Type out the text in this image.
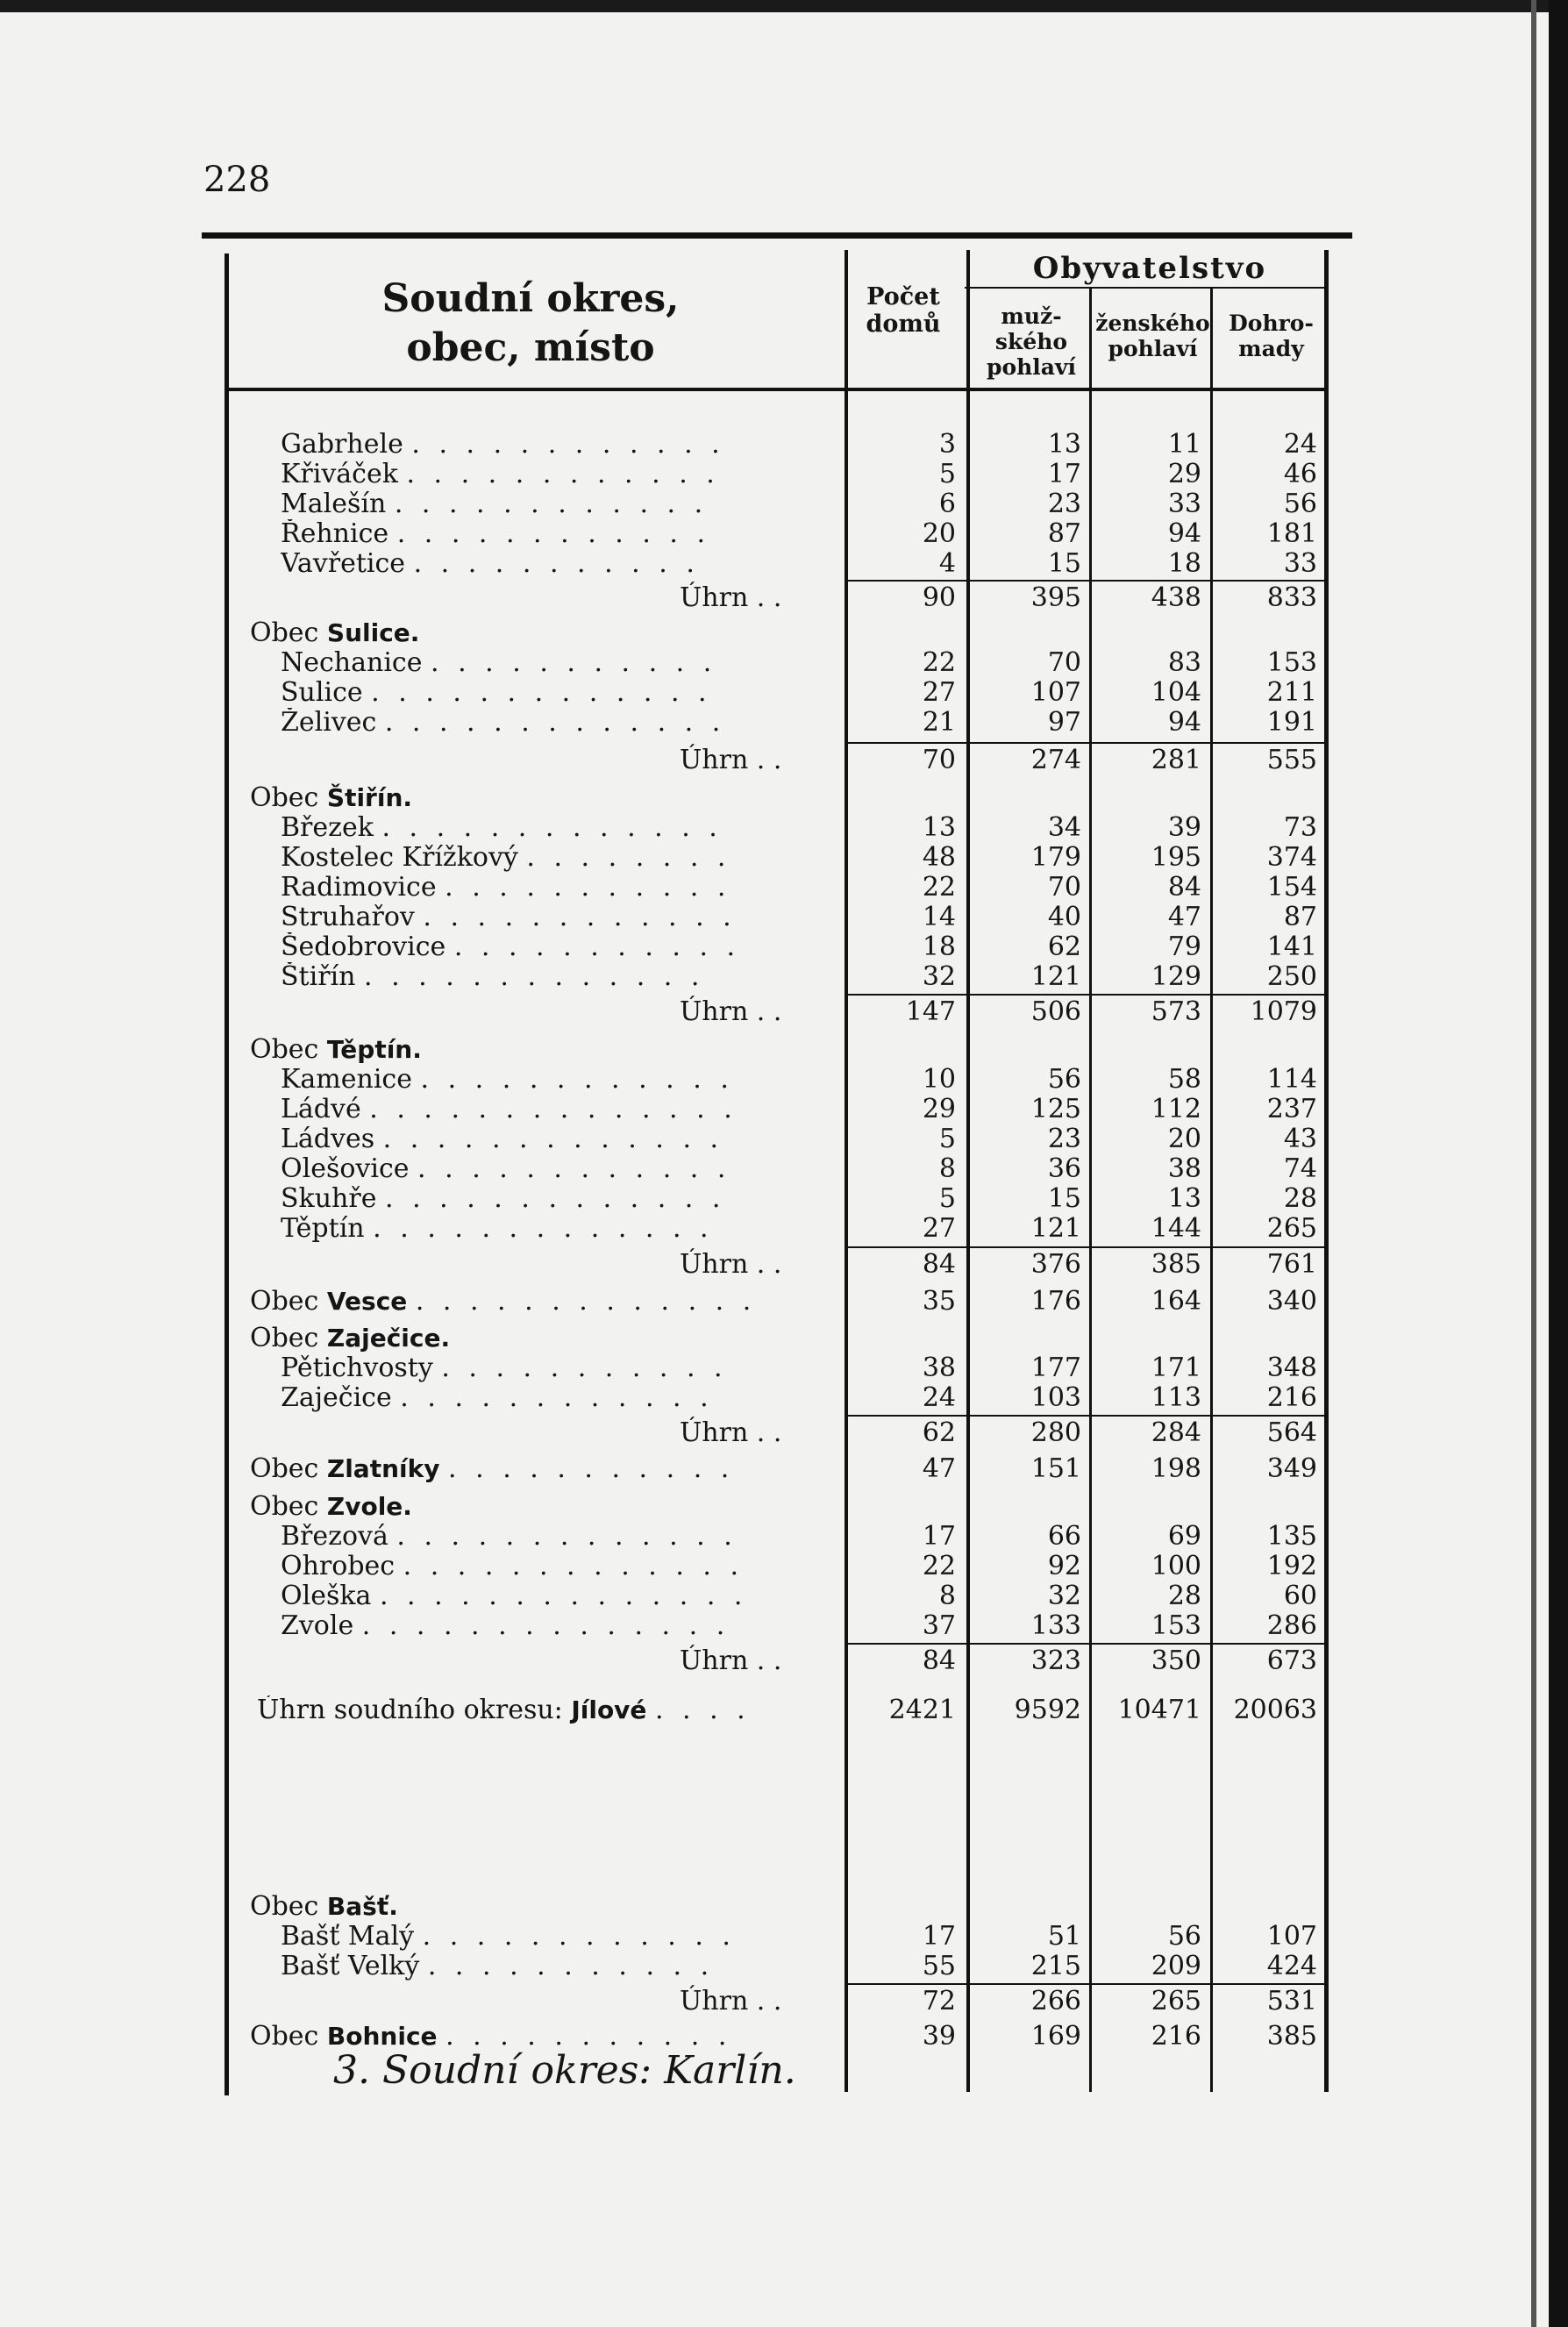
228
Soudní okres,
obec, místo
Počet
domů
Obyvatelstvo
muž-
ského
pohlaví
ženského
pohlaví
Dohro-
mady
Gabrhele . . . . . . . . . . . .	3	13	11	24
Křiváček . . . . . . . . . . . .	5	17	29	46
Malešín . . . . . . . . . . . .	6	23	33	56
Řehnice . . . . . . . . . . . .	20	87	94	181
Vavřetice . . . . . . . . . . .	4	15	18	33
Úhrn . .	90	395	438	833
Obec Sulice.
Nechanice . . . . . . . . . . .	22	70	83	153
Sulice . . . . . . . . . . . . .	27	107	104	211
Želivec . . . . . . . . . . . . .	21	97	94	191
Úhrn . .	70	274	281	555
Obec Štiřín.
Březek . . . . . . . . . . . . .	13	34	39	73
Kostelec Křížkový . . . . . . . .	48	179	195	374
Radimovice . . . . . . . . . . .	22	70	84	154
Struhařov . . . . . . . . . . . .	14	40	47	87
Šedobrovice . . . . . . . . . . .	18	62	79	141
Štiřín . . . . . . . . . . . . .	32	121	129	250
Úhrn . .	147	506	573	1079
Obec Těptín.
Kamenice . . . . . . . . . . . .	10	56	58	114
Ládvé . . . . . . . . . . . . . .	29	125	112	237
Ládves . . . . . . . . . . . . .	5	23	20	43
Olešovice . . . . . . . . . . . .	8	36	38	74
Skuhře . . . . . . . . . . . . .	5	15	13	28
Těptín . . . . . . . . . . . . .	27	121	144	265
Úhrn . .	84	376	385	761
Obec Vesce . . . . . . . . . . . . .	35	176	164	340
Obec Zaječice.
Pětichvosty . . . . . . . . . . .	38	177	171	348
Zaječice . . . . . . . . . . . .	24	103	113	216
Úhrn . .	62	280	284	564
Obec Zlatníky . . . . . . . . . . .	47	151	198	349
Obec Zvole.
Březová . . . . . . . . . . . . .	17	66	69	135
Ohrobec . . . . . . . . . . . . .	22	92	100	192
Oleška . . . . . . . . . . . . . .	8	32	28	60
Zvole . . . . . . . . . . . . . .	37	133	153	286
Úhrn . .	84	323	350	673
Úhrn soudního okresu: Jílové . . . .	2421	9592	10471	20063
Obec Bašť.
Bašť Malý . . . . . . . . . . . .	17	51	56	107
Bašť Velký . . . . . . . . . . .	55	215	209	424
Úhrn . .	72	266	265	531
Obec Bohnice . . . . . . . . . . .	39	169	216	385
3. Soudní okres: Karlín.
